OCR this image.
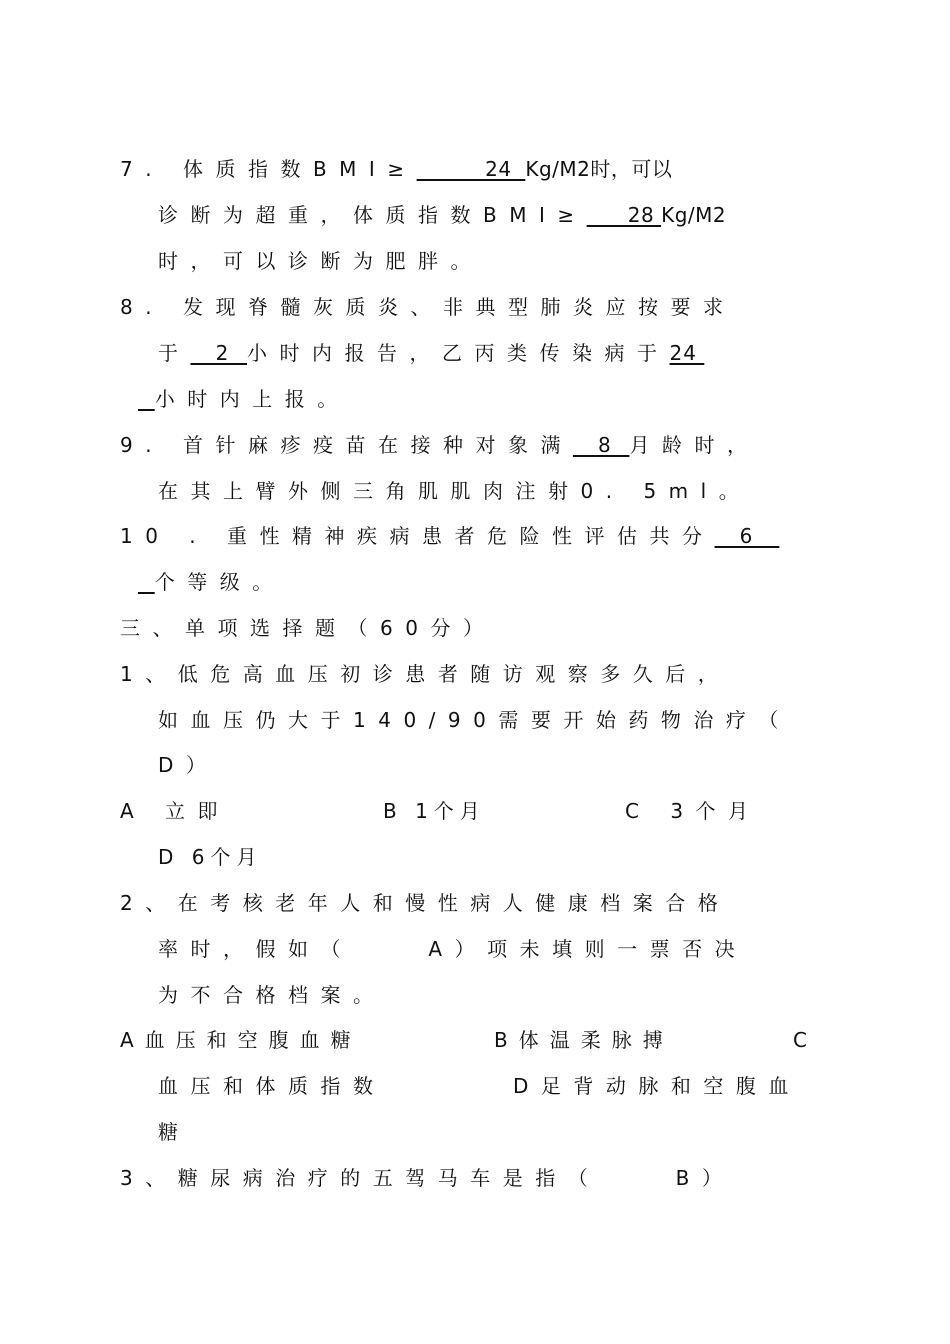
7. 体质指数BMI≥          24  Kg/M2时，可以
诊断为超重，体质指数BMI≥      28 Kg/M2
时，可以诊断为肥胖。
8. 发现脊髓灰质炎、非典型肺炎应按要求
于   2  小时内报告，乙丙类传染病于24
小时内上报。
9. 首针麻疹疫苗在接种对象满   8  月龄时，
在其上臂外侧三角肌肌肉注射0. 5ml。
10 . 重性精神疾病患者危险性评估共分   6
个等级。
三、单项选择题（60分）
1、低危高血压初诊患者随访观察多久后，
如血压仍大于140/90需要开始药物治疗（
D）
A 立即	B 1个月	C 3个月
D 6个月
2、在考核老年人和慢性病人健康档案合格
率时，假如（    A）项未填则一票否决
为不合格档案。
A血压和空腹血糖	B体温柔脉搏	C
血压和体质指数	D足背动脉和空腹血
糖
3、糖尿病治疗的五驾马车是指（    B）
